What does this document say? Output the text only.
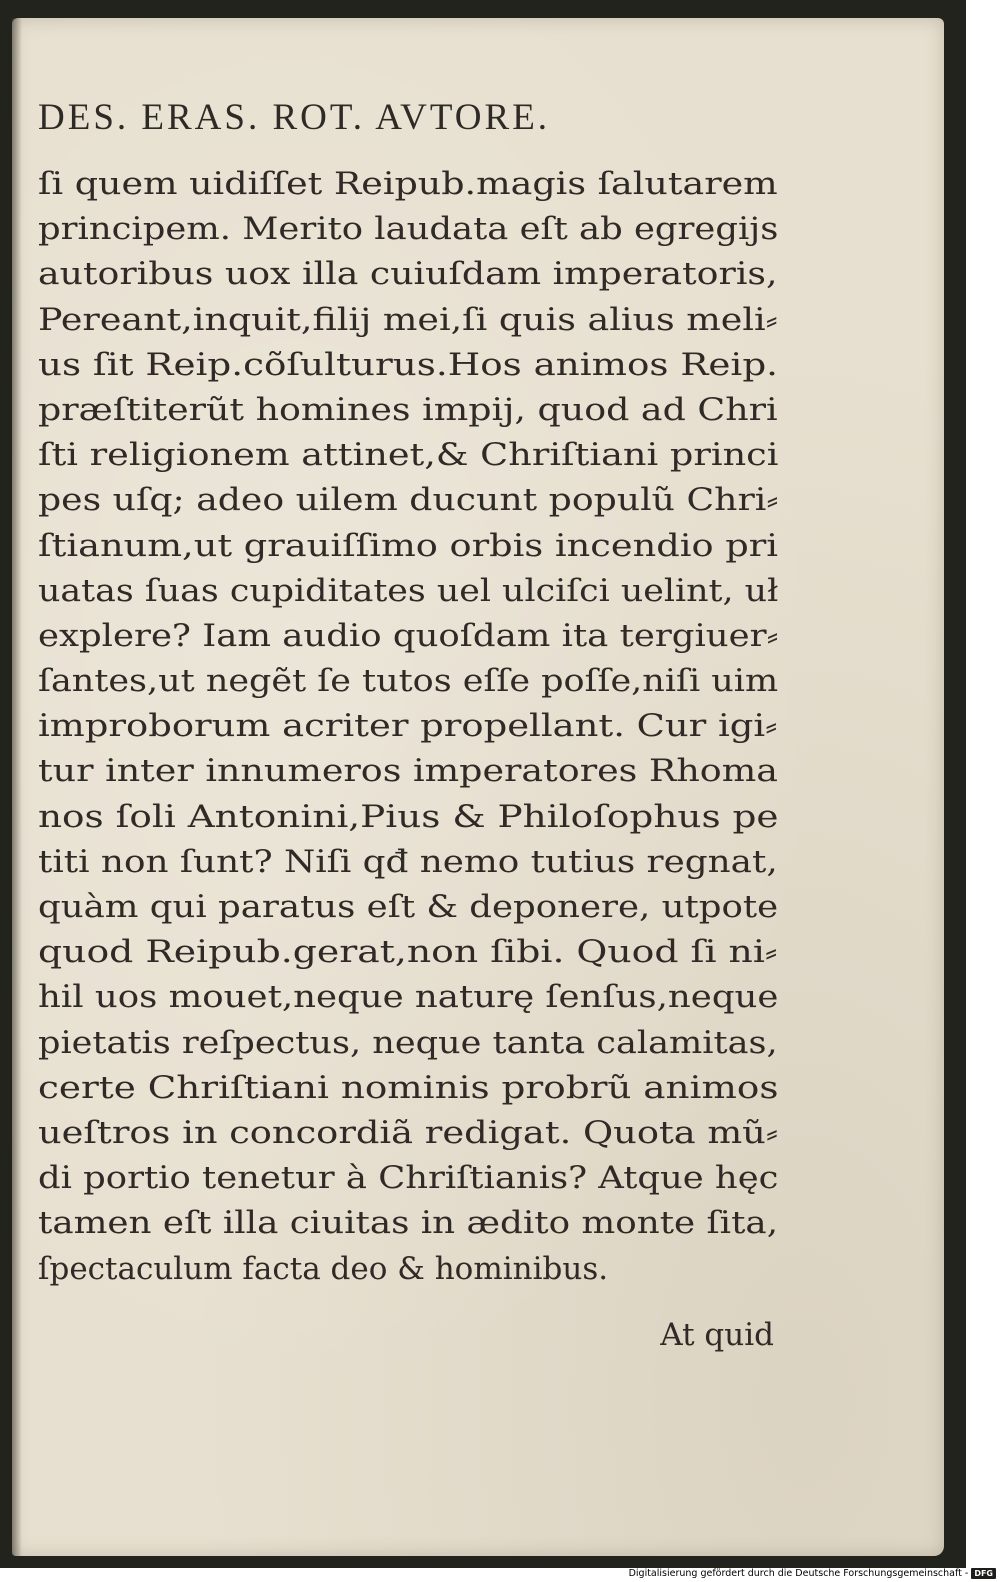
DES. ERAS. ROT. AVTORE.
ſi quem uidiſſet Reipub.magis ſalutarem
principem. Merito laudata eſt ab egregijs
autoribus uox illa cuiuſdam imperatoris,
Pereant,inquit,filij mei,ſi quis alius meli⸗
us ſit Reip.cõſulturus.Hos animos Reip.
præſtiterũt homines impij, quod ad Chri
ſti religionem attinet,& Chriſtiani princi
pes uſq; adeo uilem ducunt populũ Chri⸗
ſtianum,ut grauiſſimo orbis incendio pri
uatas ſuas cupiditates uel ulciſci uelint, uł
explere? Iam audio quoſdam ita tergiuer⸗
ſantes,ut negẽt ſe tutos eſſe poſſe,niſi uim
improborum acriter propellant. Cur igi⸗
tur inter innumeros imperatores Rhoma
nos ſoli Antonini,Pius & Philoſophus pe
titi non ſunt? Niſi qđ nemo tutius regnat,
quàm qui paratus eſt & deponere, utpote
quod Reipub.gerat,non ſibi. Quod ſi ni⸗
hil uos mouet,neque naturę ſenſus,neque
pietatis reſpectus, neque tanta calamitas,
certe Chriſtiani nominis probrũ animos
ueſtros in concordiã redigat. Quota mũ⸗
di portio tenetur à Chriſtianis? Atque hęc
tamen eſt illa ciuitas in ædito monte ſita,
ſpectaculum facta deo & hominibus.
At quid
Digitalisierung gefördert durch die Deutsche Forschungsgemeinschaft - DFG
